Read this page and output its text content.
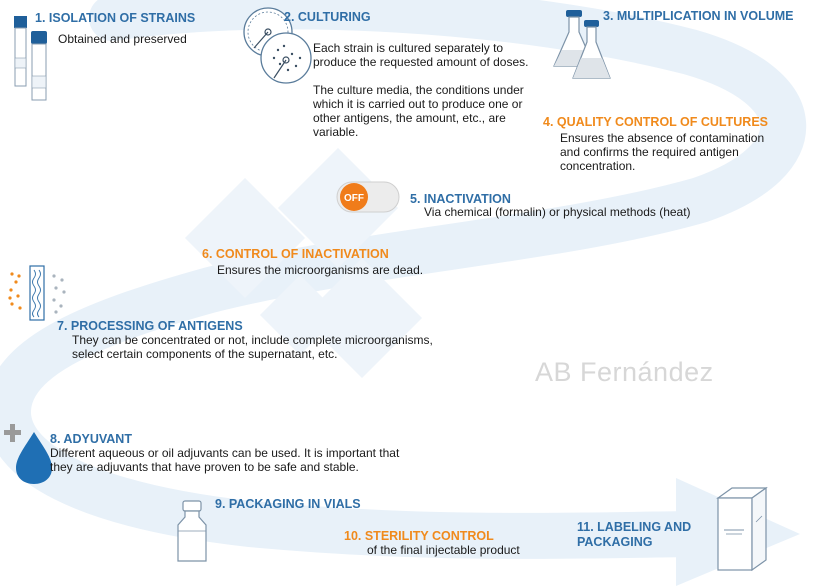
AB Fernández
OFF
1. ISOLATION OF STRAINS
Obtained and preserved
2. CULTURING
Each strain is cultured separately to
produce the requested amount of doses.
The culture media, the conditions under
which it is carried out to produce one or
other antigens, the amount, etc., are
variable.
3. MULTIPLICATION IN VOLUME
4. QUALITY CONTROL OF CULTURES
Ensures the absence of contamination
and confirms the required antigen
concentration.
5. INACTIVATION
Via chemical (formalin) or physical methods (heat)
6. CONTROL OF INACTIVATION
Ensures the microorganisms are dead.
7. PROCESSING OF ANTIGENS
They can be concentrated or not, include complete microorganisms,
select certain components of the supernatant, etc.
8. ADYUVANT
Different aqueous or oil adjuvants can be used. It is important that
they are adjuvants that have proven to be safe and stable.
9. PACKAGING IN VIALS
10. STERILITY CONTROL
of the final injectable product
11. LABELING AND
PACKAGING
